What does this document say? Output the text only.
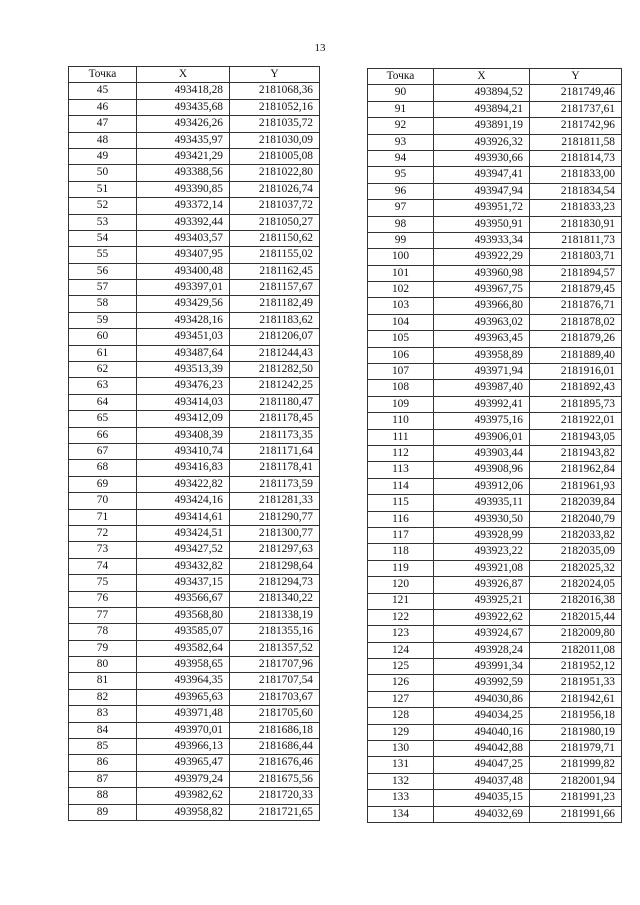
13
Точка	X	Y
45	493418,28	2181068,36
46	493435,68	2181052,16
47	493426,26	2181035,72
48	493435,97	2181030,09
49	493421,29	2181005,08
50	493388,56	2181022,80
51	493390,85	2181026,74
52	493372,14	2181037,72
53	493392,44	2181050,27
54	493403,57	2181150,62
55	493407,95	2181155,02
56	493400,48	2181162,45
57	493397,01	2181157,67
58	493429,56	2181182,49
59	493428,16	2181183,62
60	493451,03	2181206,07
61	493487,64	2181244,43
62	493513,39	2181282,50
63	493476,23	2181242,25
64	493414,03	2181180,47
65	493412,09	2181178,45
66	493408,39	2181173,35
67	493410,74	2181171,64
68	493416,83	2181178,41
69	493422,82	2181173,59
70	493424,16	2181281,33
71	493414,61	2181290,77
72	493424,51	2181300,77
73	493427,52	2181297,63
74	493432,82	2181298,64
75	493437,15	2181294,73
76	493566,67	2181340,22
77	493568,80	2181338,19
78	493585,07	2181355,16
79	493582,64	2181357,52
80	493958,65	2181707,96
81	493964,35	2181707,54
82	493965,63	2181703,67
83	493971,48	2181705,60
84	493970,01	2181686,18
85	493966,13	2181686,44
86	493965,47	2181676,46
87	493979,24	2181675,56
88	493982,62	2181720,33
89	493958,82	2181721,65
Точка	X	Y
90	493894,52	2181749,46
91	493894,21	2181737,61
92	493891,19	2181742,96
93	493926,32	2181811,58
94	493930,66	2181814,73
95	493947,41	2181833,00
96	493947,94	2181834,54
97	493951,72	2181833,23
98	493950,91	2181830,91
99	493933,34	2181811,73
100	493922,29	2181803,71
101	493960,98	2181894,57
102	493967,75	2181879,45
103	493966,80	2181876,71
104	493963,02	2181878,02
105	493963,45	2181879,26
106	493958,89	2181889,40
107	493971,94	2181916,01
108	493987,40	2181892,43
109	493992,41	2181895,73
110	493975,16	2181922,01
111	493906,01	2181943,05
112	493903,44	2181943,82
113	493908,96	2181962,84
114	493912,06	2181961,93
115	493935,11	2182039,84
116	493930,50	2182040,79
117	493928,99	2182033,82
118	493923,22	2182035,09
119	493921,08	2182025,32
120	493926,87	2182024,05
121	493925,21	2182016,38
122	493922,62	2182015,44
123	493924,67	2182009,80
124	493928,24	2182011,08
125	493991,34	2181952,12
126	493992,59	2181951,33
127	494030,86	2181942,61
128	494034,25	2181956,18
129	494040,16	2181980,19
130	494042,88	2181979,71
131	494047,25	2181999,82
132	494037,48	2182001,94
133	494035,15	2181991,23
134	494032,69	2181991,66
